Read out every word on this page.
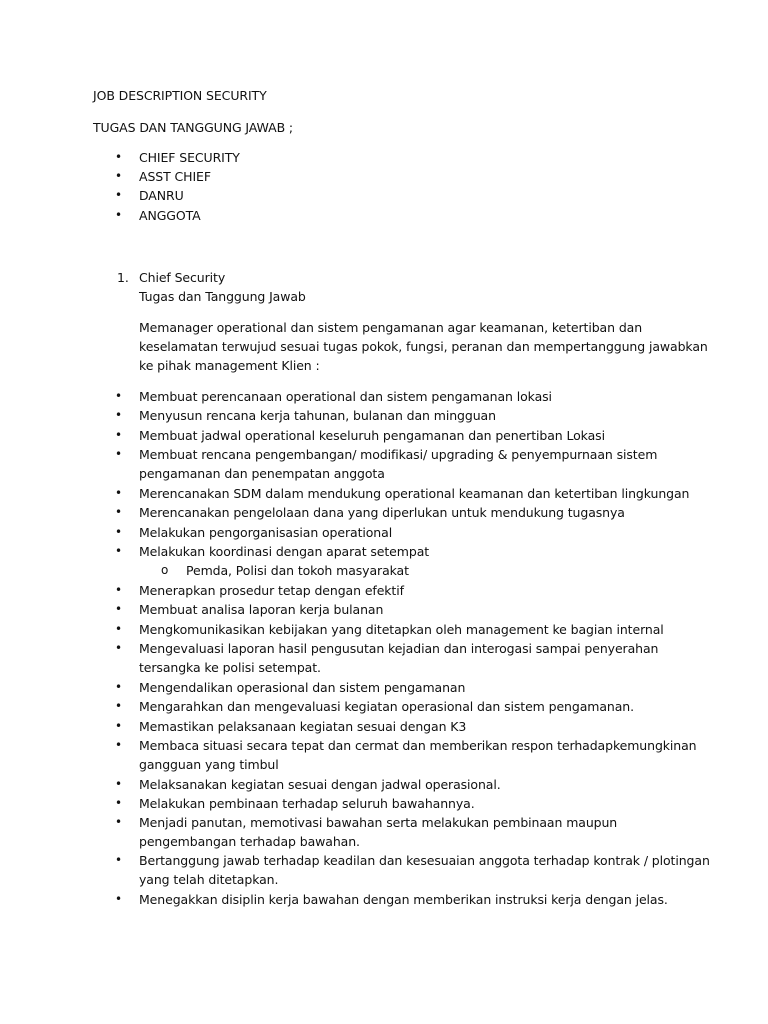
JOB DESCRIPTION SECURITY
TUGAS DAN TANGGUNG JAWAB ;
• CHIEF SECURITY
• ASST CHIEF
• DANRU
• ANGGOTA
1. Chief Security
Tugas dan Tanggung Jawab
Memanager operational dan sistem pengamanan agar keamanan, ketertiban dan
keselamatan terwujud sesuai tugas pokok, fungsi, peranan dan mempertanggung jawabkan
ke pihak management Klien :
• Membuat perencanaan operational dan sistem pengamanan lokasi
• Menyusun rencana kerja tahunan, bulanan dan mingguan
• Membuat jadwal operational keseluruh pengamanan dan penertiban Lokasi
• Membuat rencana pengembangan/ modifikasi/ upgrading & penyempurnaan sistem
pengamanan dan penempatan anggota
• Merencanakan SDM dalam mendukung operational keamanan dan ketertiban lingkungan
• Merencanakan pengelolaan dana yang diperlukan untuk mendukung tugasnya
• Melakukan pengorganisasian operational
• Melakukan koordinasi dengan aparat setempat
o Pemda, Polisi dan tokoh masyarakat
• Menerapkan prosedur tetap dengan efektif
• Membuat analisa laporan kerja bulanan
• Mengkomunikasikan kebijakan yang ditetapkan oleh management ke bagian internal
• Mengevaluasi laporan hasil pengusutan kejadian dan interogasi sampai penyerahan
tersangka ke polisi setempat.
• Mengendalikan operasional dan sistem pengamanan
• Mengarahkan dan mengevaluasi kegiatan operasional dan sistem pengamanan.
• Memastikan pelaksanaan kegiatan sesuai dengan K3
• Membaca situasi secara tepat dan cermat dan memberikan respon terhadapkemungkinan
gangguan yang timbul
• Melaksanakan kegiatan sesuai dengan jadwal operasional.
• Melakukan pembinaan terhadap seluruh bawahannya.
• Menjadi panutan, memotivasi bawahan serta melakukan pembinaan maupun
pengembangan terhadap bawahan.
• Bertanggung jawab terhadap keadilan dan kesesuaian anggota terhadap kontrak / plotingan
yang telah ditetapkan.
• Menegakkan disiplin kerja bawahan dengan memberikan instruksi kerja dengan jelas.
